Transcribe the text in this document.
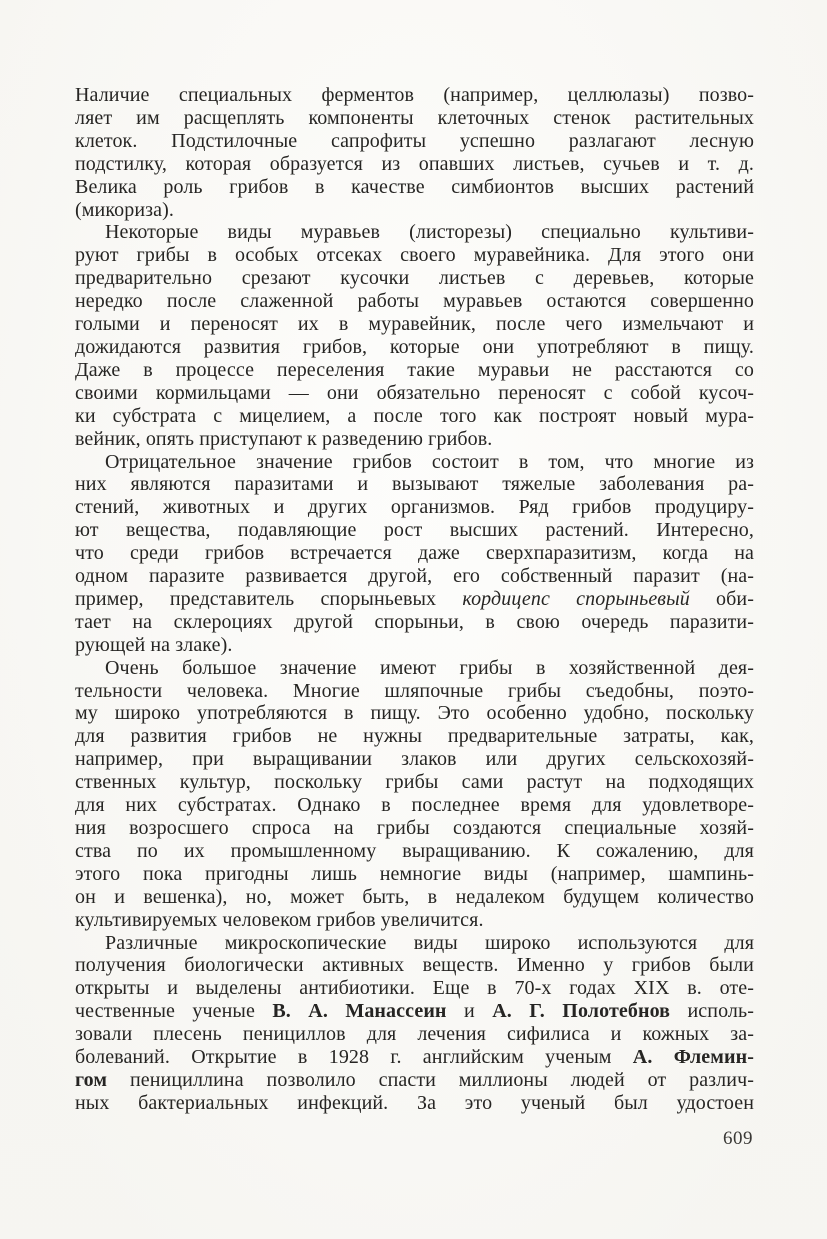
Наличие специальных ферментов (например, целлюлазы) позво-
ляет им расщеплять компоненты клеточных стенок растительных
клеток. Подстилочные сапрофиты успешно разлагают лесную
подстилку, которая образуется из опавших листьев, сучьев и т. д.
Велика роль грибов в качестве симбионтов высших растений
(микориза).
Некоторые виды муравьев (листорезы) специально культиви-
руют грибы в особых отсеках своего муравейника. Для этого они
предварительно срезают кусочки листьев с деревьев, которые
нередко после слаженной работы муравьев остаются совершенно
голыми и переносят их в муравейник, после чего измельчают и
дожидаются развития грибов, которые они употребляют в пищу.
Даже в процессе переселения такие муравьи не расстаются со
своими кормильцами — они обязательно переносят с собой кусоч-
ки субстрата с мицелием, а после того как построят новый мура-
вейник, опять приступают к разведению грибов.
Отрицательное значение грибов состоит в том, что многие из
них являются паразитами и вызывают тяжелые заболевания ра-
стений, животных и других организмов. Ряд грибов продуциру-
ют вещества, подавляющие рост высших растений. Интересно,
что среди грибов встречается даже сверхпаразитизм, когда на
одном паразите развивается другой, его собственный паразит (на-
пример, представитель спорыньевых кордицепс спорыньевый оби-
тает на склероциях другой спорыньи, в свою очередь паразити-
рующей на злаке).
Очень большое значение имеют грибы в хозяйственной дея-
тельности человека. Многие шляпочные грибы съедобны, поэто-
му широко употребляются в пищу. Это особенно удобно, поскольку
для развития грибов не нужны предварительные затраты, как,
например, при выращивании злаков или других сельскохозяй-
ственных культур, поскольку грибы сами растут на подходящих
для них субстратах. Однако в последнее время для удовлетворе-
ния возросшего спроса на грибы создаются специальные хозяй-
ства по их промышленному выращиванию. К сожалению, для
этого пока пригодны лишь немногие виды (например, шампинь-
он и вешенка), но, может быть, в недалеком будущем количество
культивируемых человеком грибов увеличится.
Различные микроскопические виды широко используются для
получения биологически активных веществ. Именно у грибов были
открыты и выделены антибиотики. Еще в 70-х годах XIX в. оте-
чественные ученые В. А. Манассеин и А. Г. Полотебнов исполь-
зовали плесень пенициллов для лечения сифилиса и кожных за-
болеваний. Открытие в 1928 г. английским ученым А. Флемин-
гом пенициллина позволило спасти миллионы людей от различ-
ных бактериальных инфекций. За это ученый был удостоен
609
